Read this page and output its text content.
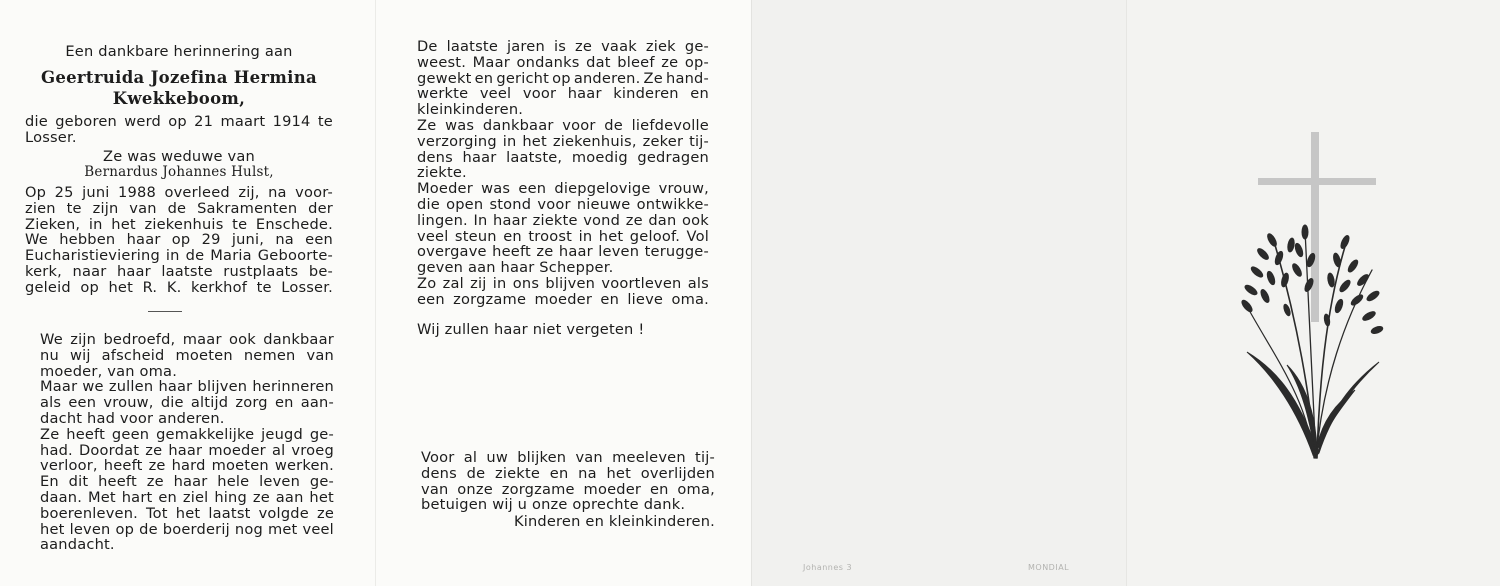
Een dankbare herinnering aan
Geertruida Jozefina Hermina
Kwekkeboom,
die geboren werd op 21 maart 1914 te
Losser.
Ze was weduwe van
Bernardus Johannes Hulst,
Op 25 juni 1988 overleed zij, na voor-
zien te zijn van de Sakramenten der
Zieken, in het ziekenhuis te Enschede.
We hebben haar op 29 juni, na een
Eucharistieviering in de Maria Geboorte-
kerk, naar haar laatste rustplaats be-
geleid op het R. K. kerkhof te Losser.
We zijn bedroefd, maar ook dankbaar
nu wij afscheid moeten nemen van
moeder, van oma.
Maar we zullen haar blijven herinneren
als een vrouw, die altijd zorg en aan-
dacht had voor anderen.
Ze heeft geen gemakkelijke jeugd ge-
had. Doordat ze haar moeder al vroeg
verloor, heeft ze hard moeten werken.
En dit heeft ze haar hele leven ge-
daan. Met hart en ziel hing ze aan het
boerenleven. Tot het laatst volgde ze
het leven op de boerderij nog met veel
aandacht.
De laatste jaren is ze vaak ziek ge-
weest. Maar ondanks dat bleef ze op-
gewekt en gericht op anderen. Ze hand-
werkte veel voor haar kinderen en
kleinkinderen.
Ze was dankbaar voor de liefdevolle
verzorging in het ziekenhuis, zeker tij-
dens haar laatste, moedig gedragen
ziekte.
Moeder was een diepgelovige vrouw,
die open stond voor nieuwe ontwikke-
lingen. In haar ziekte vond ze dan ook
veel steun en troost in het geloof. Vol
overgave heeft ze haar leven terugge-
geven aan haar Schepper.
Zo zal zij in ons blijven voortleven als
een zorgzame moeder en lieve oma.
Wij zullen haar niet vergeten !
Voor al uw blijken van meeleven tij-
dens de ziekte en na het overlijden
van onze zorgzame moeder en oma,
betuigen wij u onze oprechte dank.
Kinderen en kleinkinderen.
Johannes 3	MONDIAL
